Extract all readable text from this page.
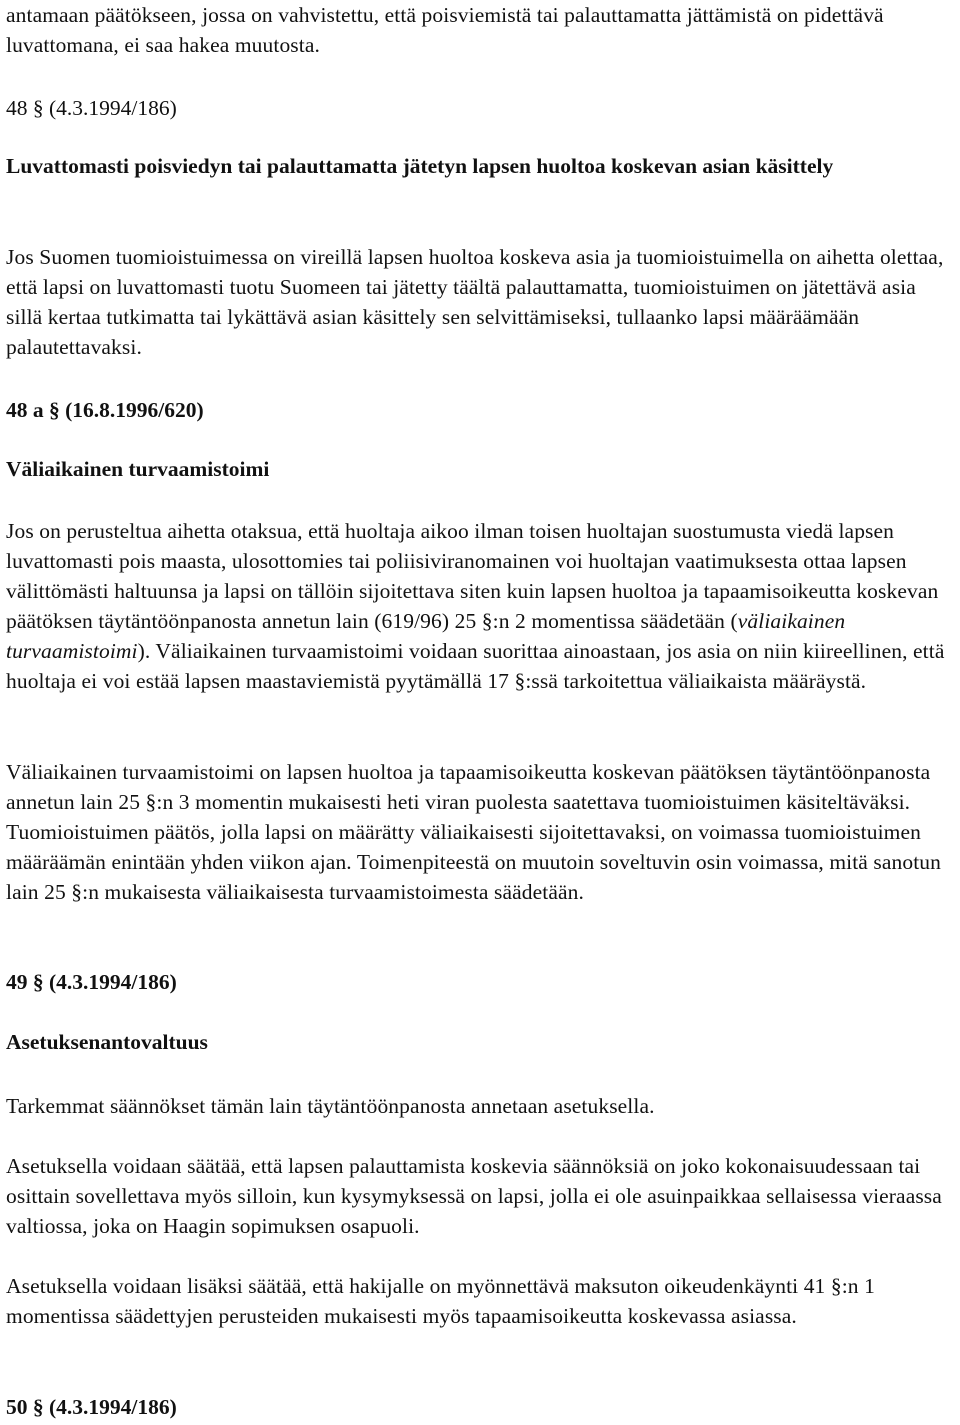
antamaan päätökseen, jossa on vahvistettu, että poisviemistä tai palauttamatta jättämistä on pidettävä luvattomana, ei saa hakea muutosta.

48 § (4.3.1994/186)

Luvattomasti poisviedyn tai palauttamatta jätetyn lapsen huoltoa koskevan asian käsittely

Jos Suomen tuomioistuimessa on vireillä lapsen huoltoa koskeva asia ja tuomioistuimella on aihetta olettaa, että lapsi on luvattomasti tuotu Suomeen tai jätetty täältä palauttamatta, tuomioistuimen on jätettävä asia sillä kertaa tutkimatta tai lykättävä asian käsittely sen selvittämiseksi, tullaanko lapsi määräämään palautettavaksi.

48 a § (16.8.1996/620)

Väliaikainen turvaamistoimi

Jos on perusteltua aihetta otaksua, että huoltaja aikoo ilman toisen huoltajan suostumusta viedä lapsen luvattomasti pois maasta, ulosottomies tai poliisiviranomainen voi huoltajan vaatimuksesta ottaa lapsen välittömästi haltuunsa ja lapsi on tällöin sijoitettava siten kuin lapsen huoltoa ja tapaamisoikeutta koskevan päätöksen täytäntöönpanosta annetun lain (619/96) 25 §:n 2 momentissa säädetään (väliaikainen turvaamistoimi). Väliaikainen turvaamistoimi voidaan suorittaa ainoastaan, jos asia on niin kiireellinen, että huoltaja ei voi estää lapsen maastaviemistä pyytämällä 17 §:ssä tarkoitettua väliaikaista määräystä.

Väliaikainen turvaamistoimi on lapsen huoltoa ja tapaamisoikeutta koskevan päätöksen täytäntöönpanosta annetun lain 25 §:n 3 momentin mukaisesti heti viran puolesta saatettava tuomioistuimen käsiteltäväksi. Tuomioistuimen päätös, jolla lapsi on määrätty väliaikaisesti sijoitettavaksi, on voimassa tuomioistuimen määräämän enintään yhden viikon ajan. Toimenpiteestä on muutoin soveltuvin osin voimassa, mitä sanotun lain 25 §:n mukaisesta väliaikaisesta turvaamistoimesta säädetään.

49 § (4.3.1994/186)

Asetuksenantovaltuus

Tarkemmat säännökset tämän lain täytäntöönpanosta annetaan asetuksella.

Asetuksella voidaan säätää, että lapsen palauttamista koskevia säännöksiä on joko kokonaisuudessaan tai osittain sovellettava myös silloin, kun kysymyksessä on lapsi, jolla ei ole asuinpaikkaa sellaisessa vieraassa valtiossa, joka on Haagin sopimuksen osapuoli.

Asetuksella voidaan lisäksi säätää, että hakijalle on myönnettävä maksuton oikeudenkäynti 41 §:n 1 momentissa säädettyjen perusteiden mukaisesti myös tapaamisoikeutta koskevassa asiassa.

50 § (4.3.1994/186)
